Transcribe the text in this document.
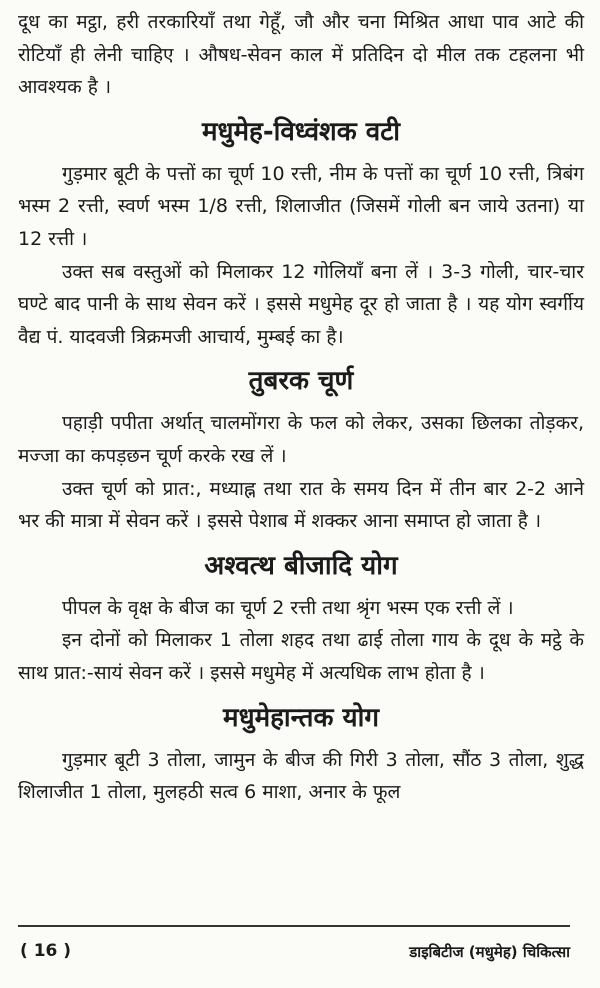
दूध का मट्ठा, हरी तरकारियाँ तथा गेहूँ, जौ और चना मिश्रित आधा पाव आटे की रोटियाँ ही लेनी चाहिए । औषध-सेवन काल में प्रतिदिन दो मील तक टहलना भी आवश्यक है ।

मधुमेह-विध्वंशक वटी

गुड़मार बूटी के पत्तों का चूर्ण 10 रत्ती, नीम के पत्तों का चूर्ण 10 रत्ती, त्रिबंग भस्म 2 रत्ती, स्वर्ण भस्म 1/8 रत्ती, शिलाजीत (जिसमें गोली बन जाये उतना) या 12 रत्ती ।

उक्त सब वस्तुओं को मिलाकर 12 गोलियाँ बना लें । 3-3 गोली, चार-चार घण्टे बाद पानी के साथ सेवन करें । इससे मधुमेह दूर हो जाता है । यह योग स्वर्गीय वैद्य पं. यादवजी त्रिक्रमजी आचार्य, मुम्बई का है।

तुबरक चूर्ण

पहाड़ी पपीता अर्थात् चालमोंगरा के फल को लेकर, उसका छिलका तोड़कर, मज्जा का कपड़छन चूर्ण करके रख लें ।

उक्त चूर्ण को प्रात:, मध्याह्न तथा रात के समय दिन में तीन बार 2-2 आने भर की मात्रा में सेवन करें । इससे पेशाब में शक्कर आना समाप्त हो जाता है ।

अश्वत्थ बीजादि योग

पीपल के वृक्ष के बीज का चूर्ण 2 रत्ती तथा श्रृंग भस्म एक रत्ती लें ।

इन दोनों को मिलाकर 1 तोला शहद तथा ढाई तोला गाय के दूध के मट्ठे के साथ प्रात:-सायं सेवन करें । इससे मधुमेह में अत्यधिक लाभ होता है ।

मधुमेहान्तक योग

गुड़मार बूटी 3 तोला, जामुन के बीज की गिरी 3 तोला, सौंठ 3 तोला, शुद्ध शिलाजीत 1 तोला, मुलहठी सत्व 6 माशा, अनार के फूल

( 16 )	डाइबिटीज (मधुमेह) चिकित्सा
